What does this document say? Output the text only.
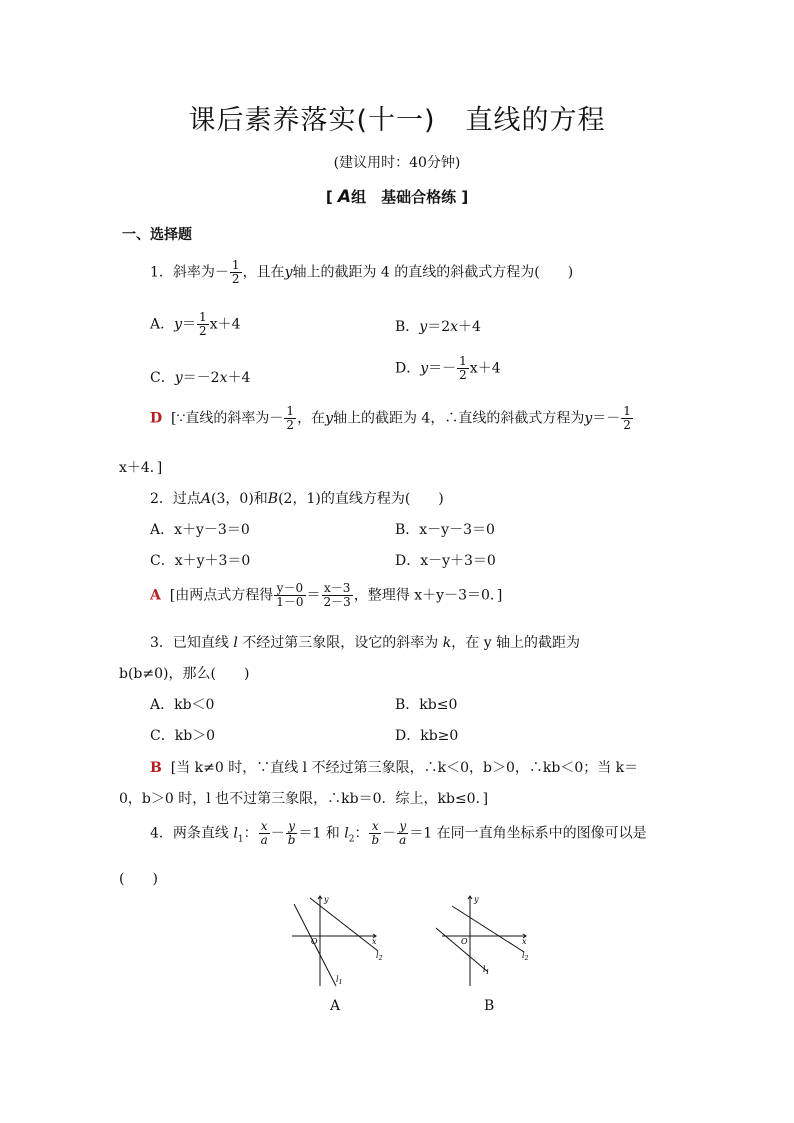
课后素养落实(十一) 直线的方程
(建议用时：40分钟)
[ A组　基础合格练 ]
一、选择题
1．斜率为－ $\frac{1}{2}$ ，且在y轴上的截距为 4 的直线的斜截式方程为(　　)
A．$y= \frac{1}{2} x+4$	B．y＝2x＋4
C．y＝－2x＋4
D．$y=- \frac{1}{2} x+4$
D [∵直线的斜率为－ $\frac{1}{2}$ ，在y轴上的截距为 4，∴直线的斜截式方程为$y=- \frac{1}{2}$
x＋4．]
2．过点A(3，0)和B(2，1)的直线方程为(　　)
A．x＋y－3＝0	B．x－y－3＝0
C．x＋y＋3＝0	D．x－y＋3＝0
A [由两点式方程得 $\frac{y-0}{1-0} = \frac{x-3}{2-3}$ ，整理得 x＋y－3＝0．]
3．已知直线 l 不经过第三象限，设它的斜率为 k，在 y 轴上的截距为
b(b≠0)，那么(　　)
A．kb＜0	B．kb≤0
C．kb＞0	D．kb≥0
B [当 k≠0 时，∵直线 l 不经过第三象限，∴k＜0，b＞0，∴kb＜0；当 k＝
0，b＞0 时，l 也不过第三象限，∴kb＝0．综上，kb≤0．]
4．两条直线 $l_1$： $\frac{x}{a} - \frac{y}{b} =1$ 和 $l_2$： $\frac{x}{b} - \frac{y}{a} =1$ 在同一直角坐标系中的图像可以是
(　　)
y
x
O
$l_1$
$l_2$
A
y
x
O
$l_1$
$l_2$
B
